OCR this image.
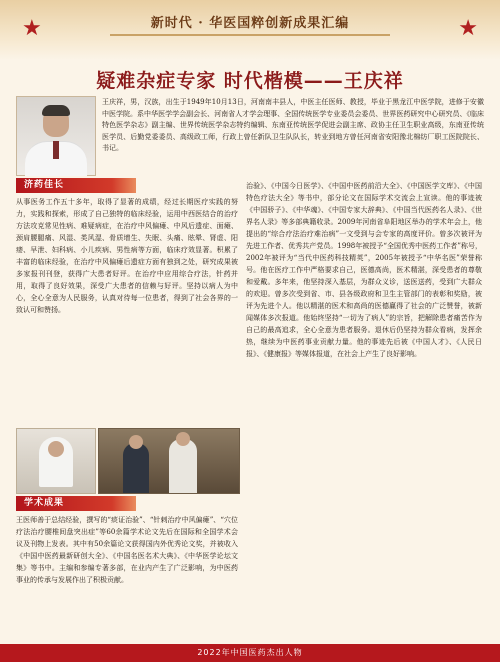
★	新时代 · 华医国粹创新成果汇编	★
疑难杂症专家 时代楷模——王庆祥
王庆祥，男，汉族，出生于1949年10月13日，河南南丰县人，中医主任医师、教授，毕业于黑龙江中医学院，进修于安徽中医学院。系中华医学学会副会长、河南省人才学会理事、全国传统医学专业委员会委员、世界医药研究中心研究员、《临床特色医学杂志》副主编、世界传统医学杂志特约编辑、东南亚传统医学促进会副主席、政协主任卫生职业高级，东南亚传统医学员、后勤党委委员、高级政工师，行政上曾任新队卫生队队长，转业到地方曾任河南省安阳豫北棉纺厂职工医院院长、书记。
济药佳长
从事医务工作五十多年，取得了显著的成绩，经过长期医疗实践的努力，实践和探索，形成了自己独特的临床经验，运用中西医结合的治疗方法攻克常见性病、难疑病症，在治疗中风偏瘫、中风后遗症、面瘫、颈肩腰腿痛、风湿、类风湿、骨质增生、失眠、头痛、眩晕、肾虚、阳痿、早泄、妇科病、小儿疾病、男性病等方面，临床疗效显著。积累了丰富的临床经验，在治疗中风偏瘫后遗症方面有独到之处，研究成果被多家报刊刊登，获得广大患者好评。在治疗中应用综合疗法，针药并用，取得了良好效果，深受广大患者的信赖与好评。坚持以病人为中心，全心全意为人民服务，认真对待每一位患者，得到了社会各界的一致认可和赞扬。
学术成果
王医师善于总结经验，撰写的“痰证治验”、“针刺治疗中风偏瘫”、“穴位疗法治疗腰椎间盘突出症”等60余篇学术论文先后在国际和全国学术会议及刊物上发表。其中有50余篇论文获得国内外优秀论文奖，并被收入《中国中医药最新研创大全》、《中国名医名术大典》、《中华医学论坛文集》等书中。主编和参编专著多部，在业内产生了广泛影响，为中医药事业的传承与发展作出了积极贡献。
治验》、《中国今日医学》、《中国中医药前沿大全》、《中国医学文库》、《中国特色疗法大全》等书中，部分论文在国际学术交流会上宣读。他的事迹被《中国骄子》、《中华魂》、《中国专家大辞典》、《中国当代医药名人录》、《世界名人录》等多部典籍收录。2009年河南省阜阳地区举办的学术年会上，他提出的“综合疗法治疗难治病”一文受到与会专家的高度评价。曾多次被评为先进工作者、优秀共产党员。1998年被授予“全国优秀中医药工作者”称号，2002年被评为“当代中医药科技精英”，2005年被授予“中华名医”荣誉称号。他在医疗工作中严格要求自己，医德高尚，医术精湛，深受患者的尊敬和爱戴。多年来，他坚持深入基层，为群众义诊，送医送药，受到广大群众的欢迎。曾多次受到省、市、县各级政府和卫生主管部门的表彰和奖励，被评为先进个人。他以精湛的医术和高尚的医德赢得了社会的广泛赞誉，被新闻媒体多次报道。他始终坚持“一切为了病人”的宗旨，把解除患者痛苦作为自己的最高追求，全心全意为患者服务。退休后仍坚持为群众看病，发挥余热，继续为中医药事业贡献力量。他的事迹先后被《中国人才》、《人民日报》、《健康报》等媒体报道，在社会上产生了良好影响。
2022年中国医药杰出人物
